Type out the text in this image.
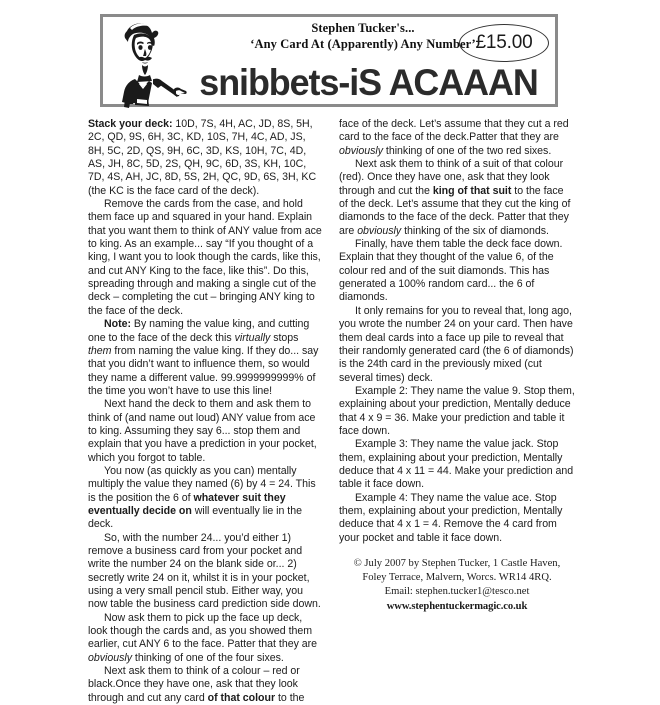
Stephen Tucker's...
‘Any Card At (Apparently) Any Number’ £15.00
snibbets-iS ACAAAN

Stack your deck: 10D, 7S, 4H, AC, JD, 8S, 5H, 2C, QD, 9S, 6H, 3C, KD, 10S, 7H, 4C, AD, JS, 8H, 5C, 2D, QS, 9H, 6C, 3D, KS, 10H, 7C, 4D, AS, JH, 8C, 5D, 2S, QH, 9C, 6D, 3S, KH, 10C, 7D, 4S, AH, JC, 8D, 5S, 2H, QC, 9D, 6S, 3H, KC (the KC is the face card of the deck).

Remove the cards from the case, and hold them face up and squared in your hand. Explain that you want them to think of ANY value from ace to king. As an example... say “If you thought of a king, I want you to look though the cards, like this, and cut ANY King to the face, like this”. Do this, spreading through and making a single cut of the deck – completing the cut – bringing ANY king to the face of the deck.

Note: By naming the value king, and cutting one to the face of the deck this virtually stops them from naming the value king. If they do... say that you didn’t want to influence them, so would they name a different value. 99.9999999999% of the time you won’t have to use this line!

Next hand the deck to them and ask them to think of (and name out loud) ANY value from ace to king. Assuming they say 6... stop them and explain that you have a prediction in your pocket, which you forgot to table.

You now (as quickly as you can) mentally multiply the value they named (6) by 4 = 24. This is the position the 6 of whatever suit they eventually decide on will eventually lie in the deck.

So, with the number 24... you’d either 1) remove a business card from your pocket and write the number 24 on the blank side or... 2) secretly write 24 on it, whilst it is in your pocket, using a very small pencil stub. Either way, you now table the business card prediction side down.

Now ask them to pick up the face up deck, look though the cards and, as you showed them earlier, cut ANY 6 to the face. Patter that they are obviously thinking of one of the four sixes.

Next ask them to think of a colour – red or black.Once they have one, ask that they look through and cut any card of that colour to the

face of the deck. Let’s assume that they cut a red card to the face of the deck.Patter that they are obviously thinking of one of the two red sixes.

Next ask them to think of a suit of that colour (red). Once they have one, ask that they look through and cut the king of that suit to the face of the deck. Let’s assume that they cut the king of diamonds to the face of the deck. Patter that they are obviously thinking of the six of diamonds.

Finally, have them table the deck face down. Explain that they thought of the value 6, of the colour red and of the suit diamonds. This has generated a 100% random card... the 6 of diamonds.

It only remains for you to reveal that, long ago, you wrote the number 24 on your card. Then have them deal cards into a face up pile to reveal that their randomly generated card (the 6 of diamonds) is the 24th card in the previously mixed (cut several times) deck.

Example 2: They name the value 9. Stop them, explaining about your prediction, Mentally deduce that 4 x 9 = 36. Make your prediction and table it face down.

Example 3: They name the value jack. Stop them, explaining about your prediction, Mentally deduce that 4 x 11 = 44. Make your prediction and table it face down.

Example 4: They name the value ace. Stop them, explaining about your prediction, Mentally deduce that 4 x 1 = 4. Remove the 4 card from your pocket and table it face down.

© July 2007 by Stephen Tucker, 1 Castle Haven,
Foley Terrace, Malvern, Worcs. WR14 4RQ.
Email: stephen.tucker1@tesco.net
www.stephentuckermagic.co.uk
